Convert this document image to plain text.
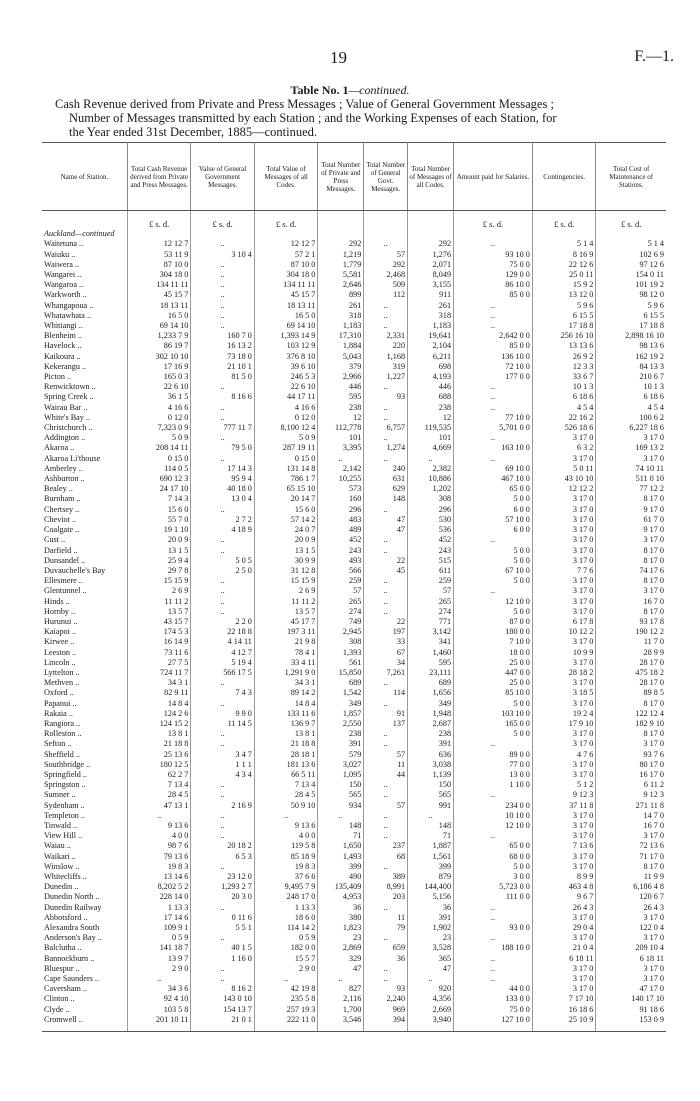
19	F.—1.
Table No. 1—continued.
Cash Revenue derived from Private and Press Messages ; Value of General Government Messages ;
Number of Messages transmitted by each Station ; and the Working Expenses of each Station, for
the Year ended 31st December, 1885—continued.
Name of Station.	Total Cash Revenue derived from Private and Press Messages.	Value of General Government Messages.	Total Value of Messages of all Codes.	Total Number of Private and Press Messages.	Total Number of General Govt. Messages.	Total Number of Messages of all Codes.	Amount paid for Salaries.	Contingencies.	Total Cost of Maintenance of Stations.
	£ s. d.	£ s. d.	£ s. d.				£ s. d.	£ s. d.	£ s. d.
Auckland—continued									
Waitetuna ..	12 12 7	..	12 12 7	292	..	292	..	5 1 4	5 1 4
Waiuku ..	53 11 9	3 10 4	57 2 1	1,219	57	1,276	93 10 0	8 16 9	102 6 9
Waiwera ..	87 10 0	..	87 10 0	1,779	292	2,071	75 0 0	22 12 6	97 12 6
Wangarei ..	304 18 0	..	304 18 0	5,581	2,468	8,049	129 0 0	25 0 11	154 0 11
Wangaroa ..	134 11 11	..	134 11 11	2,646	509	3,155	86 10 0	15 9 2	101 19 2
Warkworth ..	45 15 7	..	45 15 7	899	112	911	85 0 0	13 12 0	98 12 0
Whangapoua ..	18 13 11	..	18 13 11	261	..	261	..	5 9 6	5 9 6
Whatawhata ..	16 5 0	..	16 5 0	318	..	318	..	6 15 5	6 15 5
Whitiangi ..	69 14 10	..	69 14 10	1,183	..	1,183	..	17 18 8	17 18 8
Blenheim ..	1,233 7 9	160 7 0	1,393 14 9	17,310	2,331	19,641	2,642 0 0	256 16 10	2,898 16 10
Havelock ..	86 19 7	16 13 2	103 12 9	1,884	220	2,104	85 0 0	13 13 6	98 13 6
Kaikoura ..	302 10 10	73 18 0	376 8 10	5,043	1,168	6,211	136 10 0	26 9 2	162 19 2
Kekerangu ..	17 16 9	21 10 1	39 6 10	379	319	698	72 10 0	12 3 3	84 13 3
Picton ..	165 0 3	81 5 0	246 5 3	2,966	1,227	4,193	177 0 0	33 6 7	210 6 7
Renwicktown ..	22 6 10	..	22 6 10	446	..	446	..	10 1 3	10 1 3
Spring Creek ..	36 1 5	8 16 6	44 17 11	595	93	688	..	6 18 6	6 18 6
Wairau Bar ..	4 16 6	..	4 16 6	238	..	238	..	4 5 4	4 5 4
White's Bay ..	0 12 0	..	0 12 0	12	..	12	77 10 0	22 16 2	100 6 2
Christchurch ..	7,323 0 9	777 11 7	8,100 12 4	112,778	6,757	119,535	5,701 0 0	526 18 6	6,227 18 6
Addington ..	5 0 9	..	5 0 9	101	..	101	..	3 17 0	3 17 0
Akaroa ..	208 14 11	79 5 0	287 19 11	3,395	1,274	4,669	163 10 0	6 3 2	169 13 2
Akaroa Li'thouse	0 15 0	..	0 15 0	..	..	..	..	3 17 0	3 17 0
Amberley ..	114 0 5	17 14 3	131 14 8	2,142	240	2,382	69 10 0	5 0 11	74 10 11
Ashburton ..	690 12 3	95 9 4	786 1 7	10,255	631	10,886	467 10 0	43 10 10	511 0 10
Bealey ..	24 17 10	40 18 0	65 15 10	573	629	1,202	65 0 0	12 12 2	77 12 2
Burnham ..	7 14 3	13 0 4	20 14 7	160	148	308	5 0 0	3 17 0	8 17 0
Chertsey ..	15 6 0	..	15 6 0	296	..	296	6 0 0	3 17 0	9 17 0
Cheviot ..	55 7 0	2 7 2	57 14 2	483	47	530	57 10 0	3 17 0	61 7 0
Coalgate ..	19 1 10	4 18 9	24 0 7	489	47	536	6 0 0	3 17 0	9 17 0
Cust ..	20 0 9	..	20 0 9	452	..	452	..	3 17 0	3 17 0
Darfield ..	13 1 5	..	13 1 5	243	..	243	5 0 0	3 17 0	8 17 0
Dunsandel ..	25 9 4	5 0 5	30 9 9	493	22	515	5 0 0	3 17 0	8 17 0
Duvauchelle's Bay	29 7 8	2 5 0	31 12 8	566	45	611	67 10 0	7 7 6	74 17 6
Ellesmere ..	15 15 9	..	15 15 9	259	..	259	5 0 0	3 17 0	8 17 0
Glentunnel ..	2 6 9	..	2 6 9	57	..	57	..	3 17 0	3 17 0
Hinds ..	11 11 2	..	11 11 2	265	..	265	12 10 0	3 17 0	16 7 0
Hornby ..	13 5 7	..	13 5 7	274	..	274	5 0 0	3 17 0	8 17 0
Hurunui ..	43 15 7	2 2 0	45 17 7	749	22	771	87 0 0	6 17 8	93 17 8
Kaiapoi ..	174 5 3	22 18 8	197 3 11	2,945	197	3,142	180 0 0	10 12 2	190 12 2
Kirwee ..	16 14 9	4 14 11	21 9 8	308	33	341	7 10 0	3 17 0	11 7 0
Leeston ..	73 11 6	4 12 7	78 4 1	1,393	67	1,460	18 0 0	10 9 9	28 9 9
Lincoln ..	27 7 5	5 19 4	33 4 11	561	34	595	25 0 0	3 17 0	28 17 0
Lyttelton ..	724 11 7	566 17 5	1,291 9 0	15,850	7,261	23,111	447 0 0	28 18 2	475 18 2
Methven ..	34 3 1	..	34 3 1	689	..	689	25 0 0	3 17 0	28 17 0
Oxford ..	82 9 11	7 4 3	89 14 2	1,542	114	1,656	85 10 0	3 18 5	89 8 5
Papanui ..	14 8 4	..	14 8 4	349	..	349	5 0 0	3 17 0	8 17 0
Rakaia ..	124 2 6	9 9 0	133 11 6	1,857	91	1,948	103 10 0	19 2 4	122 12 4
Rangiora ..	124 15 2	11 14 5	136 9 7	2,550	137	2,687	165 0 0	17 9 10	182 9 10
Rolleston ..	13 8 1	..	13 8 1	238	..	238	5 0 0	3 17 0	8 17 0
Sefton ..	21 18 8	..	21 18 8	391	..	391	..	3 17 0	3 17 0
Sheffield ..	25 13 6	3 4 7	28 18 1	579	57	636	89 0 0	4 7 6	93 7 6
Southbridge ..	180 12 5	1 1 1	181 13 6	3,027	11	3,038	77 0 0	3 17 0	80 17 0
Springfield ..	62 2 7	4 3 4	66 5 11	1,095	44	1,139	13 0 0	3 17 0	16 17 0
Springston ..	7 13 4	..	7 13 4	150	..	150	1 10 0	5 1 2	6 11 2
Sumner ..	28 4 5	..	28 4 5	565	..	565	..	9 12 3	9 12 3
Sydenham ..	47 13 1	2 16 9	50 9 10	934	57	991	234 0 0	37 11 8	271 11 8
Templeton ..	..	..	..	..	..	..	10 10 0	3 17 0	14 7 0
Tinwald ..	9 13 6	..	9 13 6	148	..	148	12 10 0	3 17 0	16 7 0
View Hill ..	4 0 0	..	4 0 0	71	..	71	..	3 17 0	3 17 0
Waiau ..	98 7 6	20 18 2	119 5 8	1,650	237	1,887	65 0 0	7 13 6	72 13 6
Waikari ..	79 13 6	6 5 3	85 18 9	1,493	68	1,561	68 0 0	3 17 0	71 17 0
Winslow ..	19 8 3	..	19 8 3	399	..	399	5 0 0	3 17 0	8 17 0
Whitecliffs ..	13 14 6	23 12 0	37 6 6	490	389	879	3 0 0	8 9 9	11 9 9
Dunedin ..	8,202 5 2	1,293 2 7	9,495 7 9	135,409	8,991	144,400	5,723 0 0	463 4 8	6,186 4 8
Dunedin North ..	228 14 0	20 3 0	248 17 0	4,953	203	5,156	111 0 0	9 6 7	120 6 7
Dunedin Railway	1 13 3	..	1 13 3	36	..	36	..	26 4 3	26 4 3
Abbotsford ..	17 14 6	0 11 6	18 6 0	380	11	391	..	3 17 0	3 17 0
Alexandra South	109 9 1	5 5 1	114 14 2	1,823	79	1,902	93 0 0	29 0 4	122 0 4
Anderson's Bay ..	0 5 9	..	0 5 9	23	..	23	..	3 17 0	3 17 0
Balclutha ..	141 18 7	40 1 5	182 0 0	2,869	659	3,528	188 10 0	21 0 4	209 10 4
Bannockburn ..	13 9 7	1 16 0	15 5 7	329	36	365	..	6 18 11	6 18 11
Bluespur ..	2 9 0	..	2 9 0	47	..	47	..	3 17 0	3 17 0
Cape Saunders ..	..	..	..	..	..	..	..	3 17 0	3 17 0
Caversham ..	34 3 6	8 16 2	42 19 8	827	93	920	44 0 0	3 17 0	47 17 0
Clinton ..	92 4 10	143 0 10	235 5 8	2,116	2,240	4,356	133 0 0	7 17 10	140 17 10
Clyde ..	103 5 8	154 13 7	257 19 3	1,700	969	2,669	75 0 0	16 18 6	91 18 6
Cromwell ..	201 10 11	21 0 1	222 11 0	3,546	394	3,940	127 10 0	25 10 9	153 0 9
